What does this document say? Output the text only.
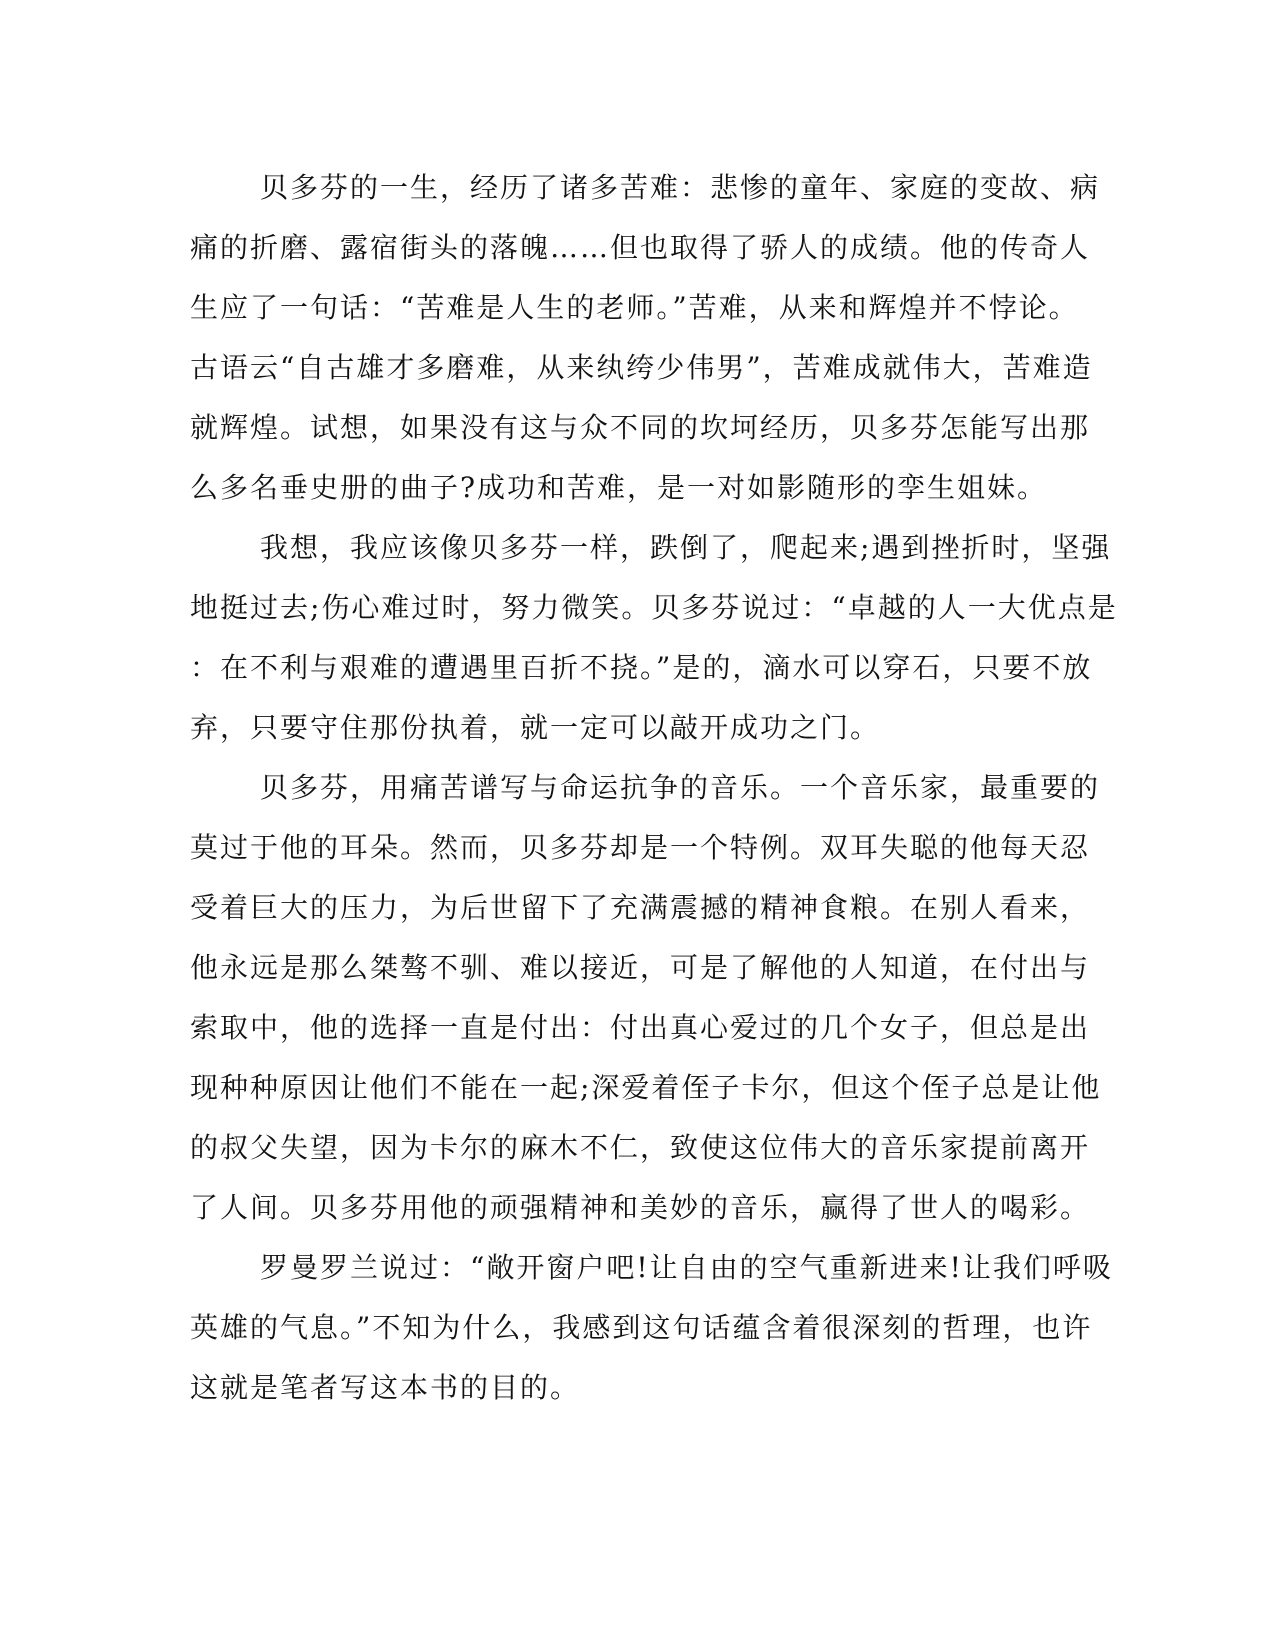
贝多芬的一生，经历了诸多苦难：悲惨的童年、家庭的变故、病
痛的折磨、露宿街头的落魄……但也取得了骄人的成绩。他的传奇人
生应了一句话：“苦难是人生的老师。”苦难，从来和辉煌并不悖论。
古语云“自古雄才多磨难，从来纨绔少伟男”，苦难成就伟大，苦难造
就辉煌。试想，如果没有这与众不同的坎坷经历，贝多芬怎能写出那
么多名垂史册的曲子?成功和苦难，是一对如影随形的孪生姐妹。
我想，我应该像贝多芬一样，跌倒了，爬起来;遇到挫折时，坚强
地挺过去;伤心难过时，努力微笑。贝多芬说过：“卓越的人一大优点是
：在不利与艰难的遭遇里百折不挠。”是的，滴水可以穿石，只要不放
弃，只要守住那份执着，就一定可以敲开成功之门。
贝多芬，用痛苦谱写与命运抗争的音乐。一个音乐家，最重要的
莫过于他的耳朵。然而，贝多芬却是一个特例。双耳失聪的他每天忍
受着巨大的压力，为后世留下了充满震撼的精神食粮。在别人看来，
他永远是那么桀骜不驯、难以接近，可是了解他的人知道，在付出与
索取中，他的选择一直是付出：付出真心爱过的几个女子，但总是出
现种种原因让他们不能在一起;深爱着侄子卡尔，但这个侄子总是让他
的叔父失望，因为卡尔的麻木不仁，致使这位伟大的音乐家提前离开
了人间。贝多芬用他的顽强精神和美妙的音乐，赢得了世人的喝彩。
罗曼罗兰说过：“敞开窗户吧!让自由的空气重新进来!让我们呼吸
英雄的气息。”不知为什么，我感到这句话蕴含着很深刻的哲理，也许
这就是笔者写这本书的目的。
